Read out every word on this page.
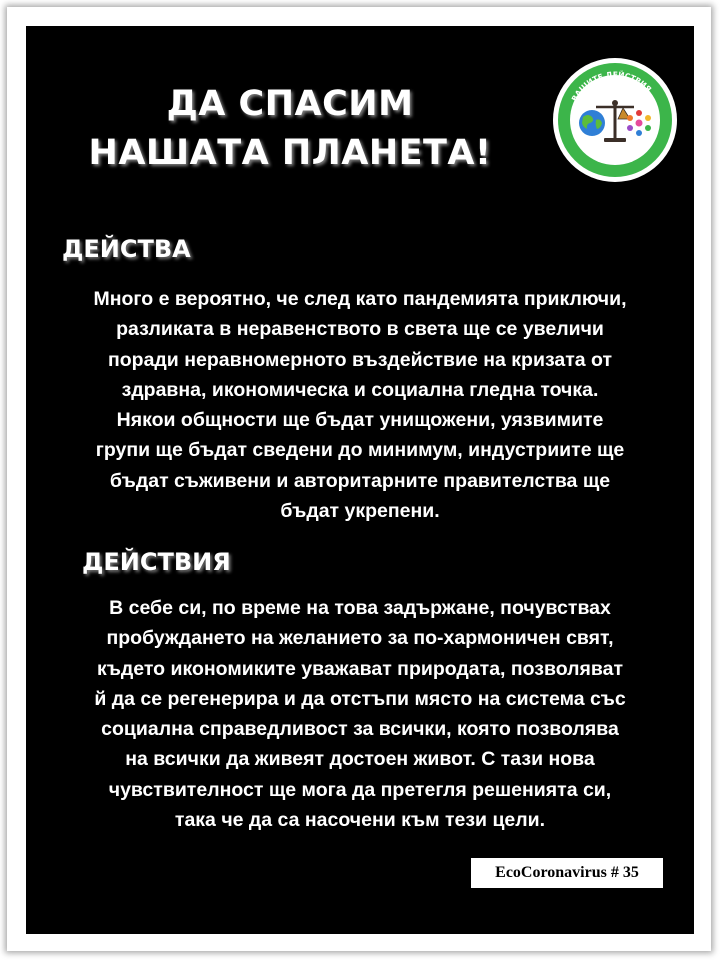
ДА СПАСИМ
НАШАТА ПЛАНЕТА!
ВАШИТЕ ДЕЙСТВИЯ ...
... спасяват планетата
ДЕЙСТВА
Много е вероятно, че след като пандемията приключи,
разликата в неравенството в света ще се увеличи
поради неравномерното въздействие на кризата от
здравна, икономическа и социална гледна точка.
Някои общности ще бъдат унищожени, уязвимите
групи ще бъдат сведени до минимум, индустриите ще
бъдат съживени и авторитарните правителства ще
бъдат укрепени.
ДЕЙСТВИЯ
В себе си, по време на това задържане, почувствах
пробуждането на желанието за по-хармоничен свят,
където икономиките уважават природата, позволяват
й да се регенерира и да отстъпи място на система със
социална справедливост за всички, която позволява
на всички да живеят достоен живот. С тази нова
чувствителност ще мога да претегля решенията си,
така че да са насочени към тези цели.
EcoCoronavirus # 35
